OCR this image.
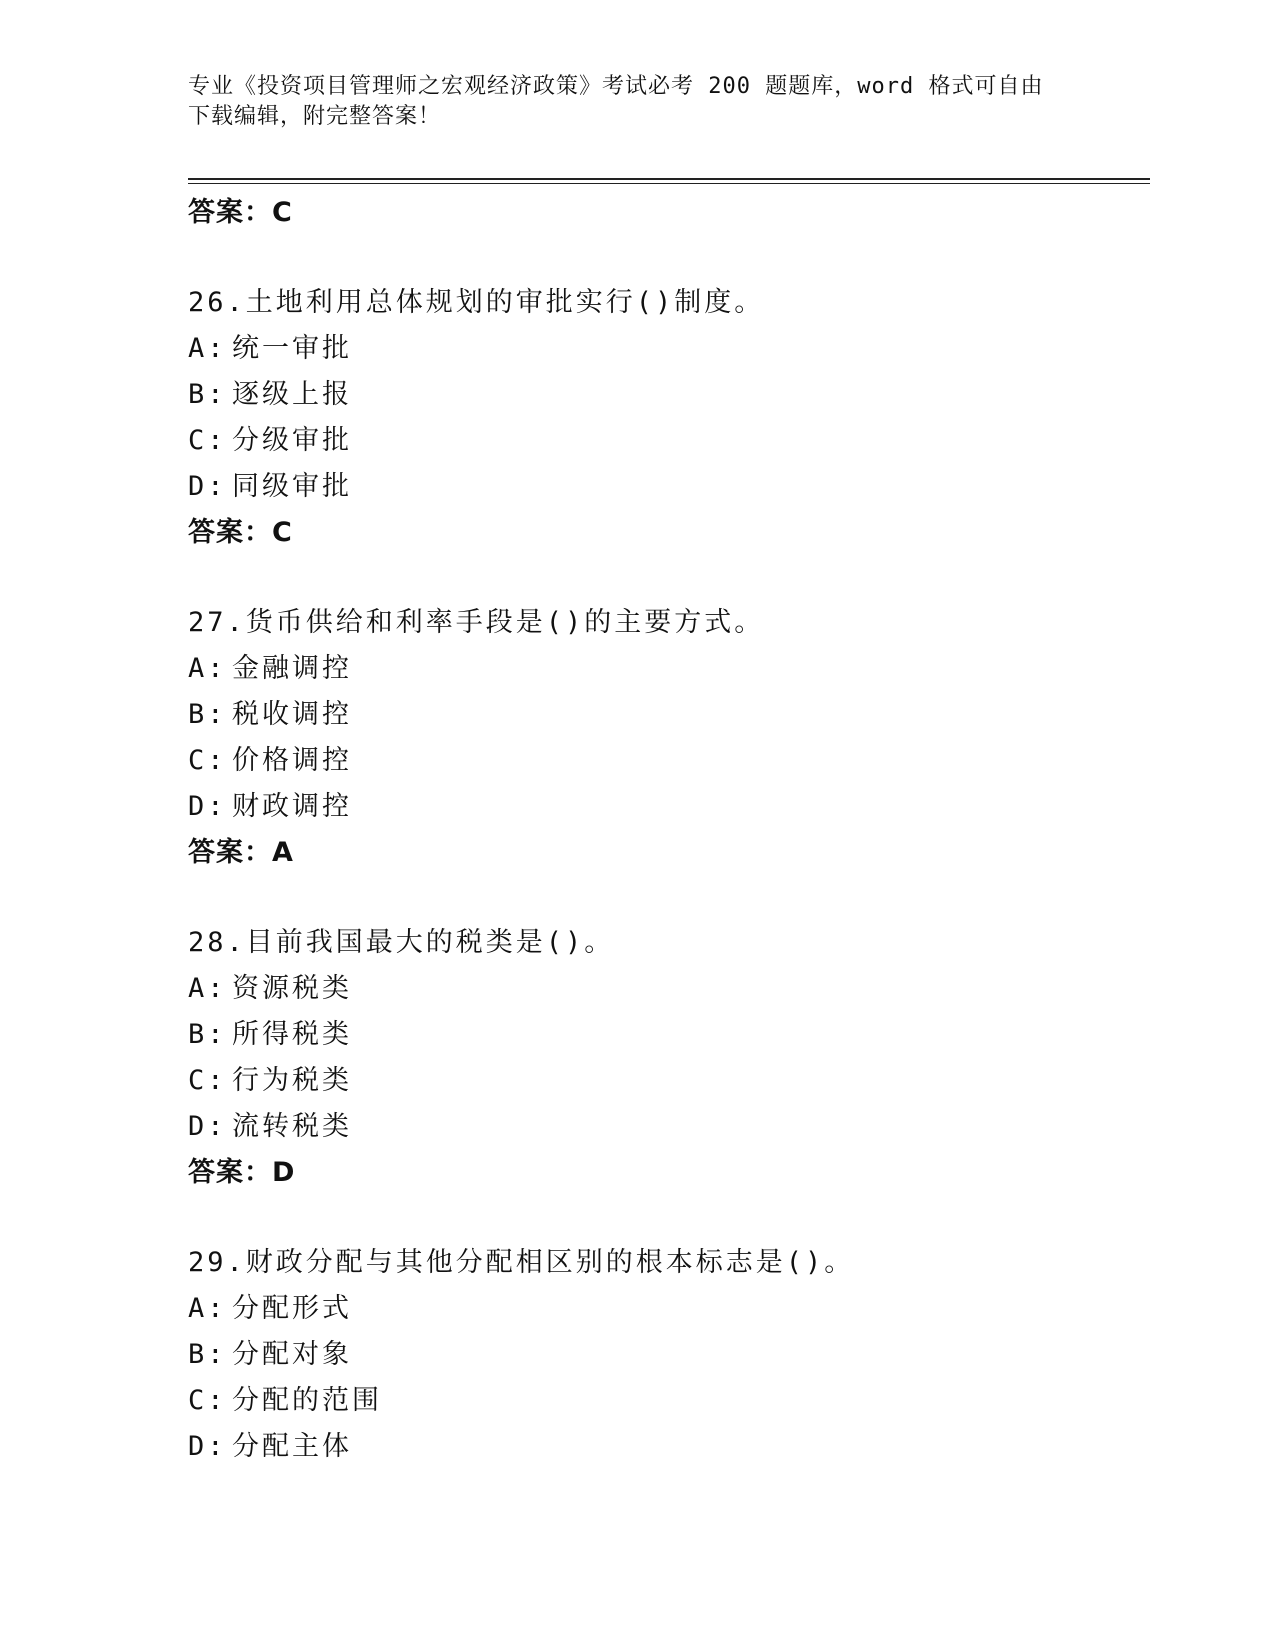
专业《投资项目管理师之宏观经济政策》考试必考 200 题题库，word 格式可自由
下载编辑，附完整答案！
答案：C
26.土地利用总体规划的审批实行()制度。
A: 统一审批
B: 逐级上报
C: 分级审批
D: 同级审批
答案：C
27.货币供给和利率手段是()的主要方式。
A: 金融调控
B: 税收调控
C: 价格调控
D: 财政调控
答案：A
28.目前我国最大的税类是()。
A: 资源税类
B: 所得税类
C: 行为税类
D: 流转税类
答案：D
29.财政分配与其他分配相区别的根本标志是()。
A: 分配形式
B: 分配对象
C: 分配的范围
D: 分配主体
